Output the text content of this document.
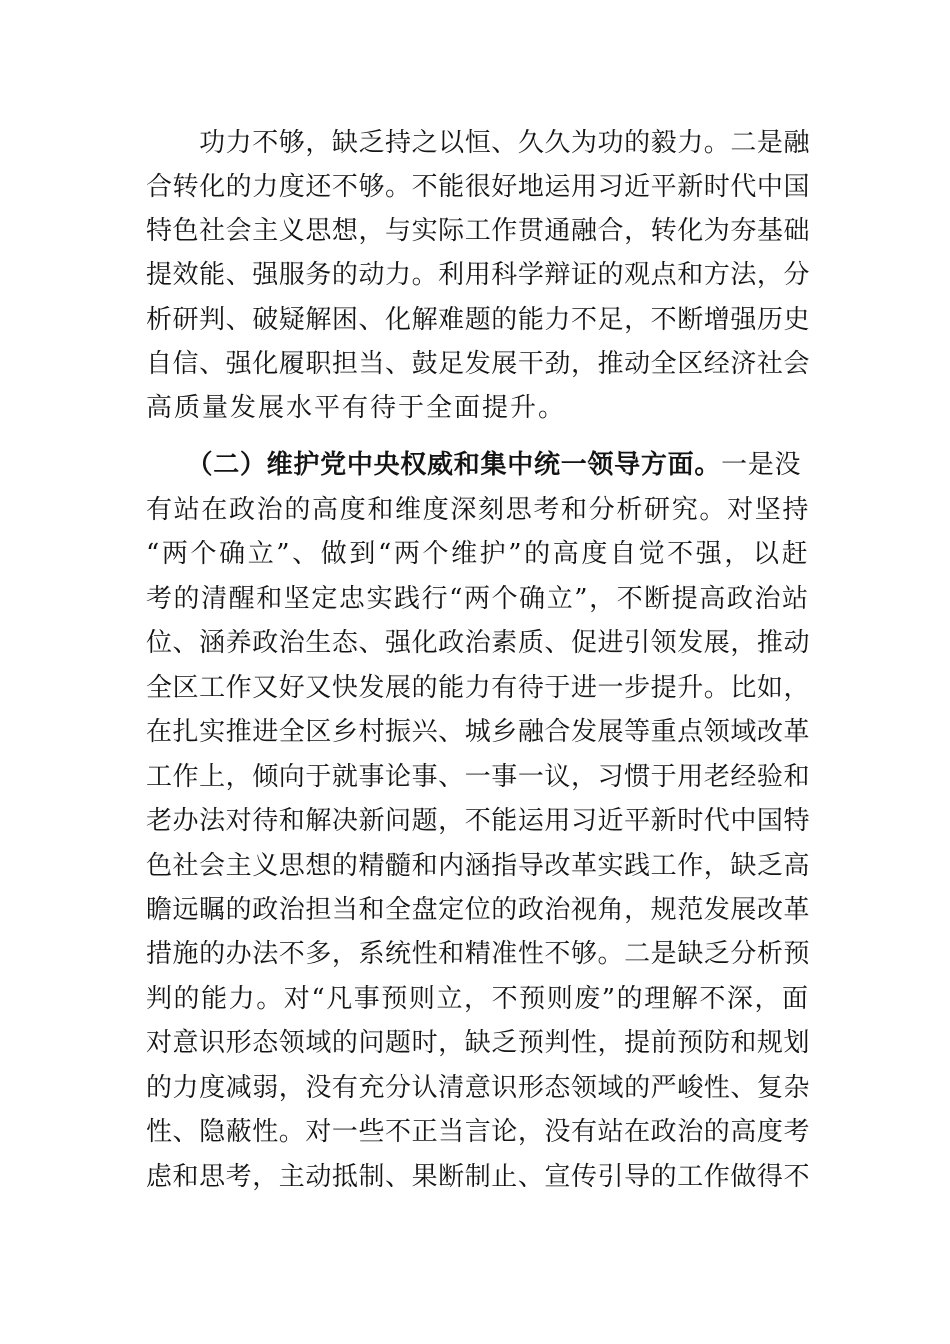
　　功力不够，缺乏持之以恒、久久为功的毅力。二是融
合转化的力度还不够。不能很好地运用习近平新时代中国
特色社会主义思想，与实际工作贯通融合，转化为夯基础
提效能、强服务的动力。利用科学辩证的观点和方法，分
析研判、破疑解困、化解难题的能力不足，不断增强历史
自信、强化履职担当、鼓足发展干劲，推动全区经济社会
高质量发展水平有待于全面提升。
　　（二）维护党中央权威和集中统一领导方面。一是没
有站在政治的高度和维度深刻思考和分析研究。对坚持
“两个确立”、做到“两个维护”的高度自觉不强，以赶
考的清醒和坚定忠实践行“两个确立”，不断提高政治站
位、涵养政治生态、强化政治素质、促进引领发展，推动
全区工作又好又快发展的能力有待于进一步提升。比如，
在扎实推进全区乡村振兴、城乡融合发展等重点领域改革
工作上，倾向于就事论事、一事一议，习惯于用老经验和
老办法对待和解决新问题，不能运用习近平新时代中国特
色社会主义思想的精髓和内涵指导改革实践工作，缺乏高
瞻远瞩的政治担当和全盘定位的政治视角，规范发展改革
措施的办法不多，系统性和精准性不够。二是缺乏分析预
判的能力。对“凡事预则立，不预则废”的理解不深，面
对意识形态领域的问题时，缺乏预判性，提前预防和规划
的力度减弱，没有充分认清意识形态领域的严峻性、复杂
性、隐蔽性。对一些不正当言论，没有站在政治的高度考
虑和思考，主动抵制、果断制止、宣传引导的工作做得不
